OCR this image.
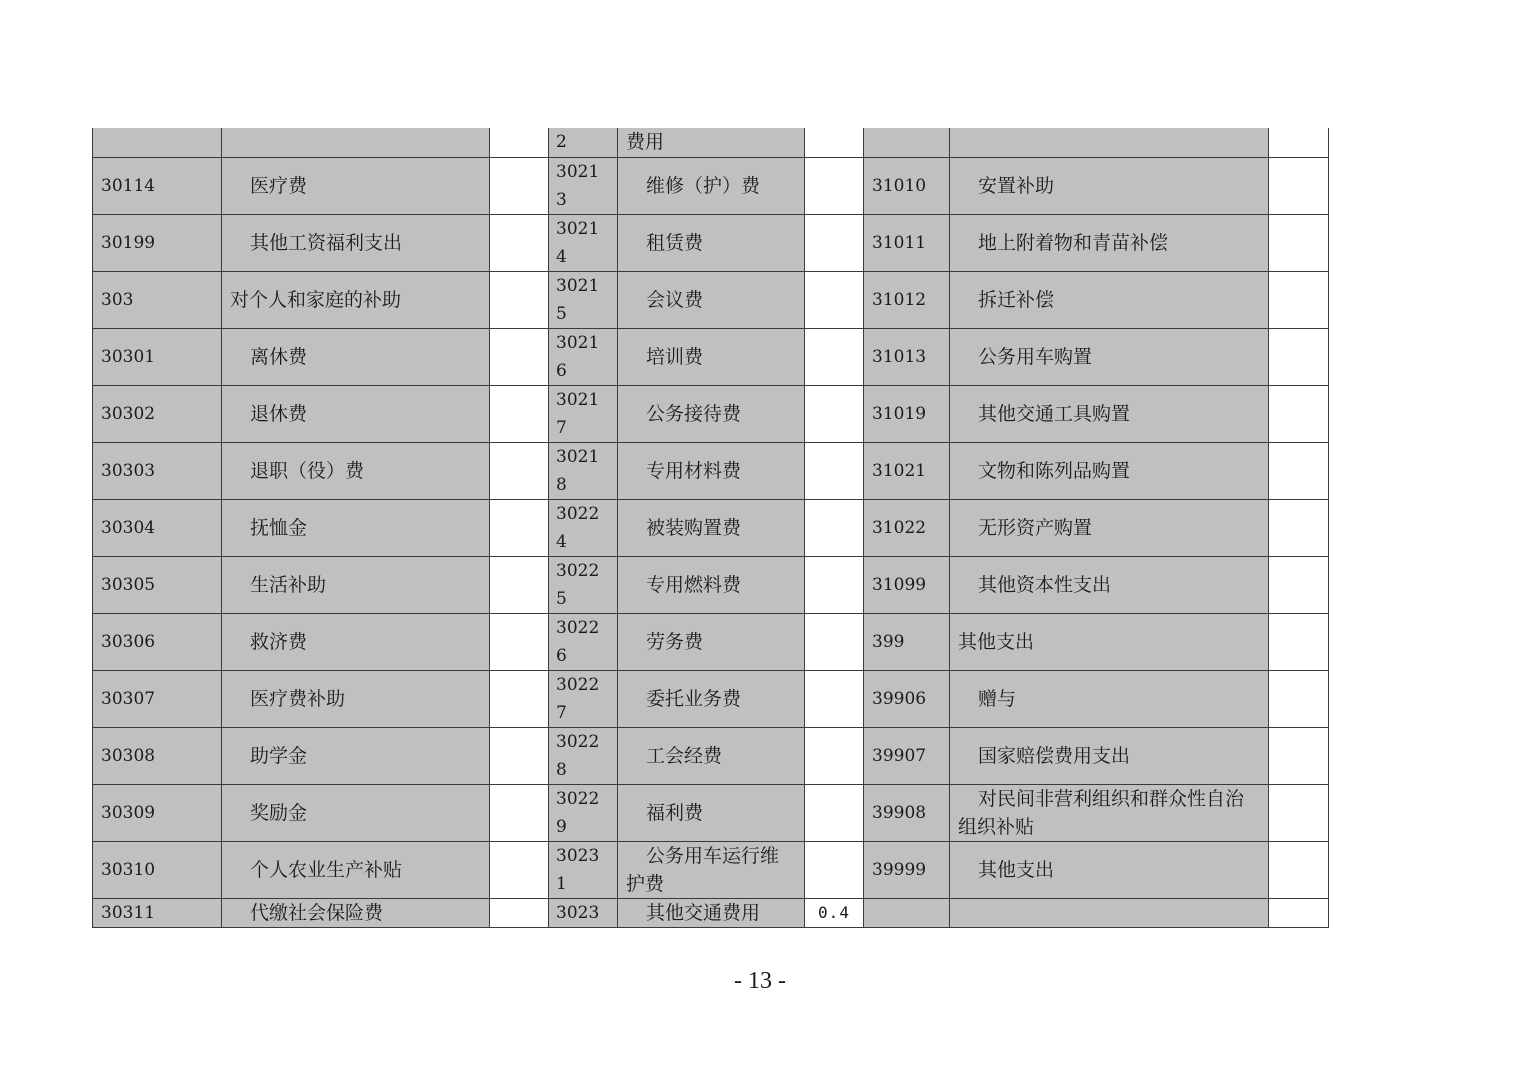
			2	费用				
30114	医疗费		30213	维修（护）费		31010	安置补助	
30199	其他工资福利支出		30214	租赁费		31011	地上附着物和青苗补偿	
303	对个人和家庭的补助		30215	会议费		31012	拆迁补偿	
30301	离休费		30216	培训费		31013	公务用车购置	
30302	退休费		30217	公务接待费		31019	其他交通工具购置	
30303	退职（役）费		30218	专用材料费		31021	文物和陈列品购置	
30304	抚恤金		30224	被装购置费		31022	无形资产购置	
30305	生活补助		30225	专用燃料费		31099	其他资本性支出	
30306	救济费		30226	劳务费		399	其他支出	
30307	医疗费补助		30227	委托业务费		39906	赠与	
30308	助学金		30228	工会经费		39907	国家赔偿费用支出	
30309	奖励金		30229	福利费		39908	对民间非营利组织和群众性自治组织补贴	
30310	个人农业生产补贴		30231	公务用车运行维护费		39999	其他支出	
30311	代缴社会保险费		3023	其他交通费用	0.4			
- 13 -
